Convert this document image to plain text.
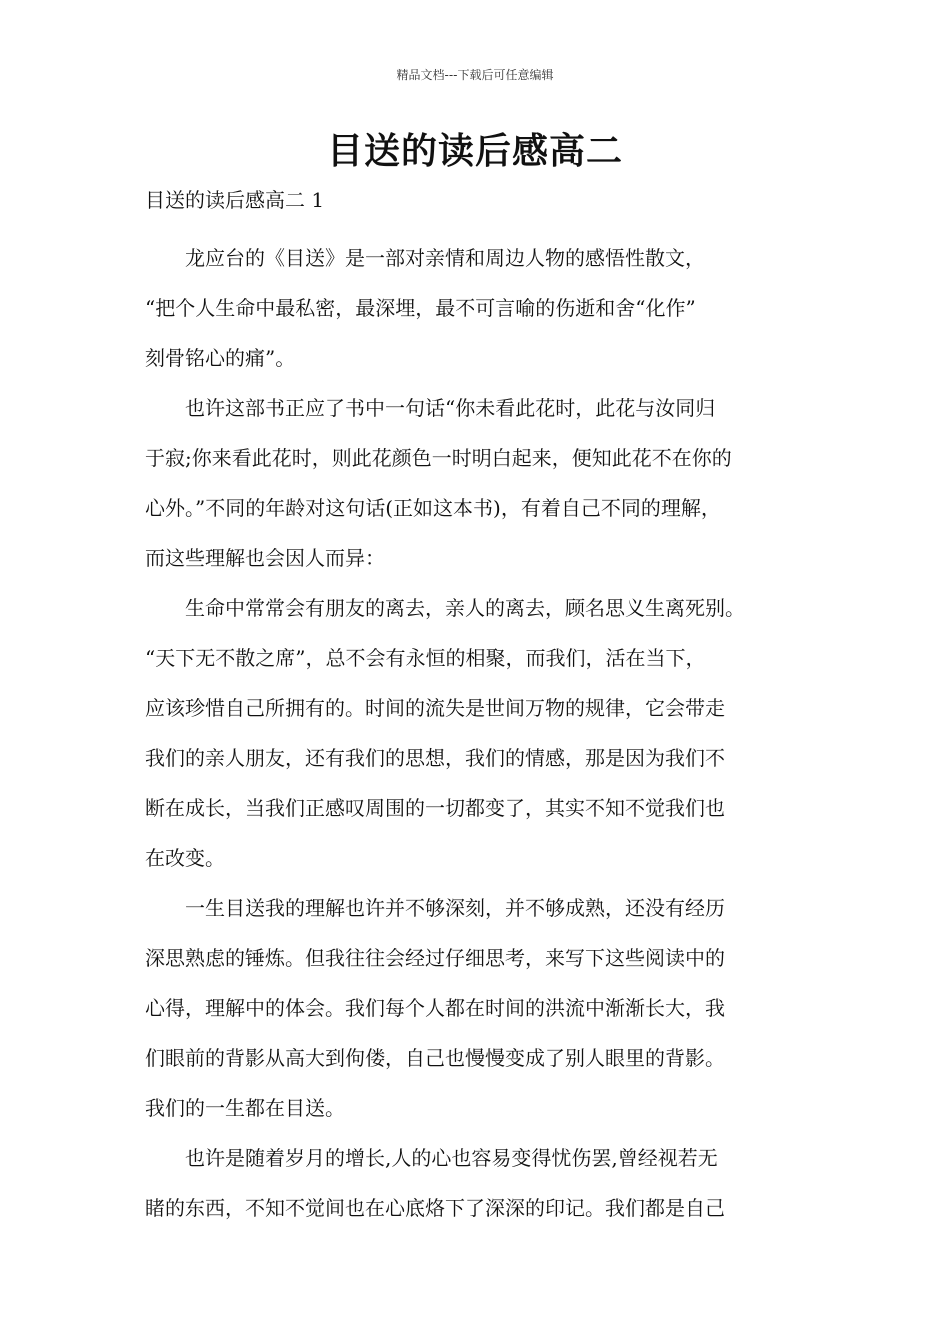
精品文档---下载后可任意编辑
目送的读后感高二
目送的读后感高二 1

龙应台的《目送》是一部对亲情和周边人物的感悟性散文，
“把个人生命中最私密，最深埋，最不可言喻的伤逝和舍“化作”
刻骨铭心的痛”。

也许这部书正应了书中一句话“你未看此花时，此花与汝同归
于寂;你来看此花时，则此花颜色一时明白起来，便知此花不在你的
心外。”不同的年龄对这句话(正如这本书)，有着自己不同的理解，
而这些理解也会因人而异：

生命中常常会有朋友的离去，亲人的离去，顾名思义生离死别。
“天下无不散之席”，总不会有永恒的相聚，而我们，活在当下，
应该珍惜自己所拥有的。时间的流失是世间万物的规律，它会带走
我们的亲人朋友，还有我们的思想，我们的情感，那是因为我们不
断在成长，当我们正感叹周围的一切都变了，其实不知不觉我们也
在改变。

一生目送我的理解也许并不够深刻，并不够成熟，还没有经历
深思熟虑的锤炼。但我往往会经过仔细思考，来写下这些阅读中的
心得，理解中的体会。我们每个人都在时间的洪流中渐渐长大，我
们眼前的背影从高大到佝偻，自己也慢慢变成了别人眼里的背影。
我们的一生都在目送。

也许是随着岁月的增长,人的心也容易变得忧伤罢,曾经视若无
睹的东西，不知不觉间也在心底烙下了深深的印记。我们都是自己
